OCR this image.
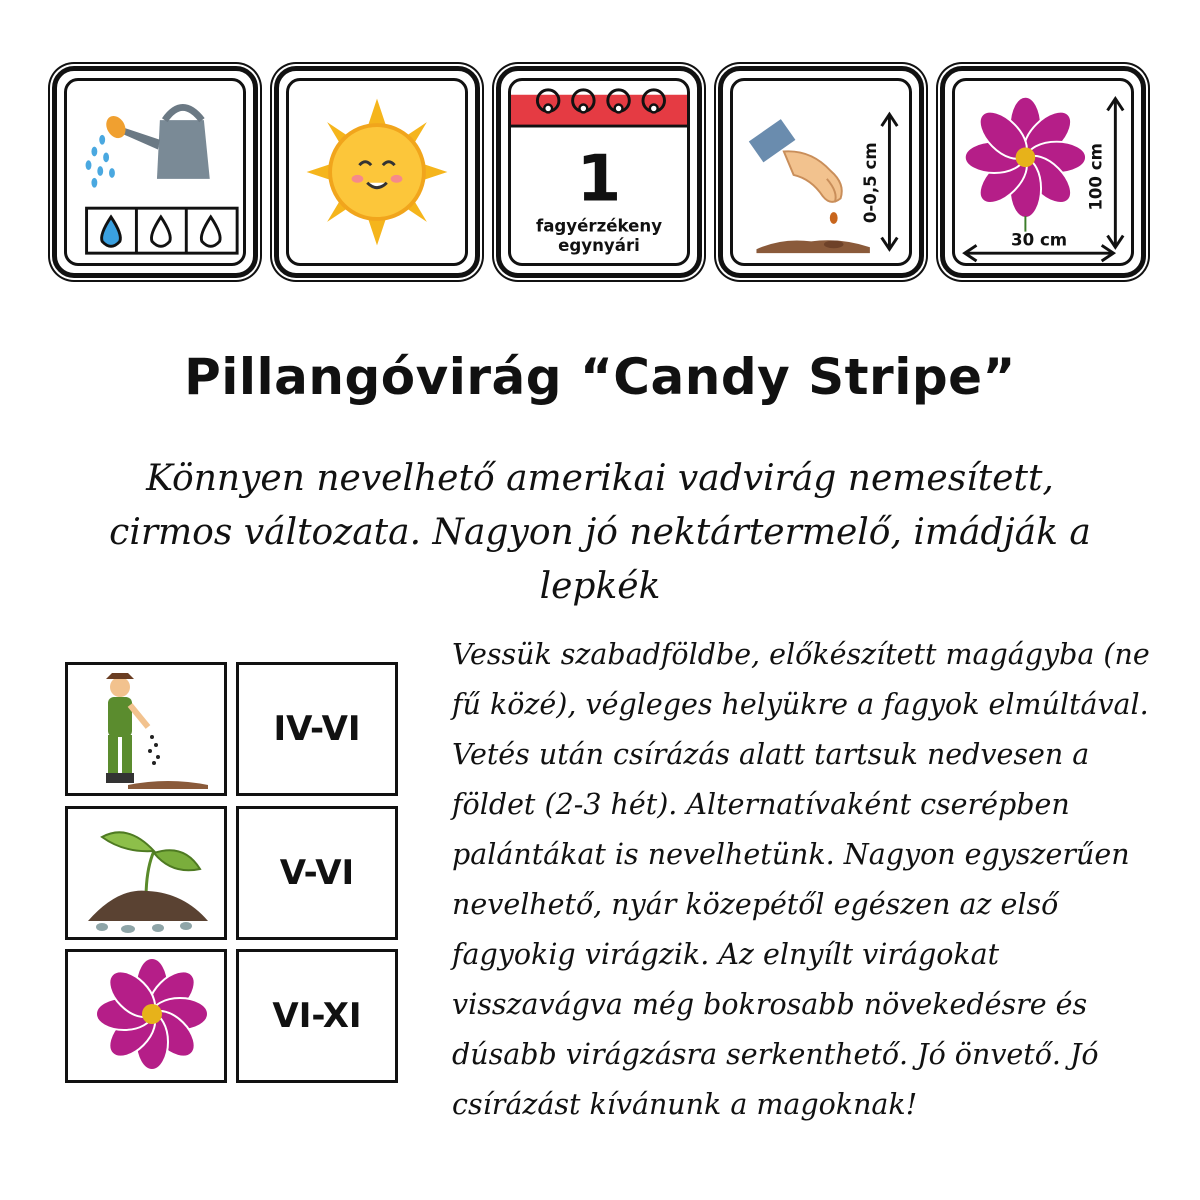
1
fagyérzékeny
egynyári
0-0,5 cm	100 cm
30 cm
Pillangóvirág “Candy Stripe”
Könnyen nevelhető amerikai vadvirág nemesített, cirmos változata. Nagyon jó nektártermelő, imádják a lepkék
IV-VI
V-VI
VI-XI
Vessük szabadföldbe, előkészített magágyba (ne fű közé), végleges helyükre a fagyok elmúltával. Vetés után csírázás alatt tartsuk nedvesen a földet (2-3 hét). Alternatívaként cserépben palántákat is nevelhetünk. Nagyon egyszerűen nevelhető, nyár közepétől egészen az első fagyokig virágzik. Az elnyílt virágokat visszavágva még bokrosabb növekedésre és dúsabb virágzásra serkenthető. Jó önvető. Jó csírázást kívánunk a magoknak!
